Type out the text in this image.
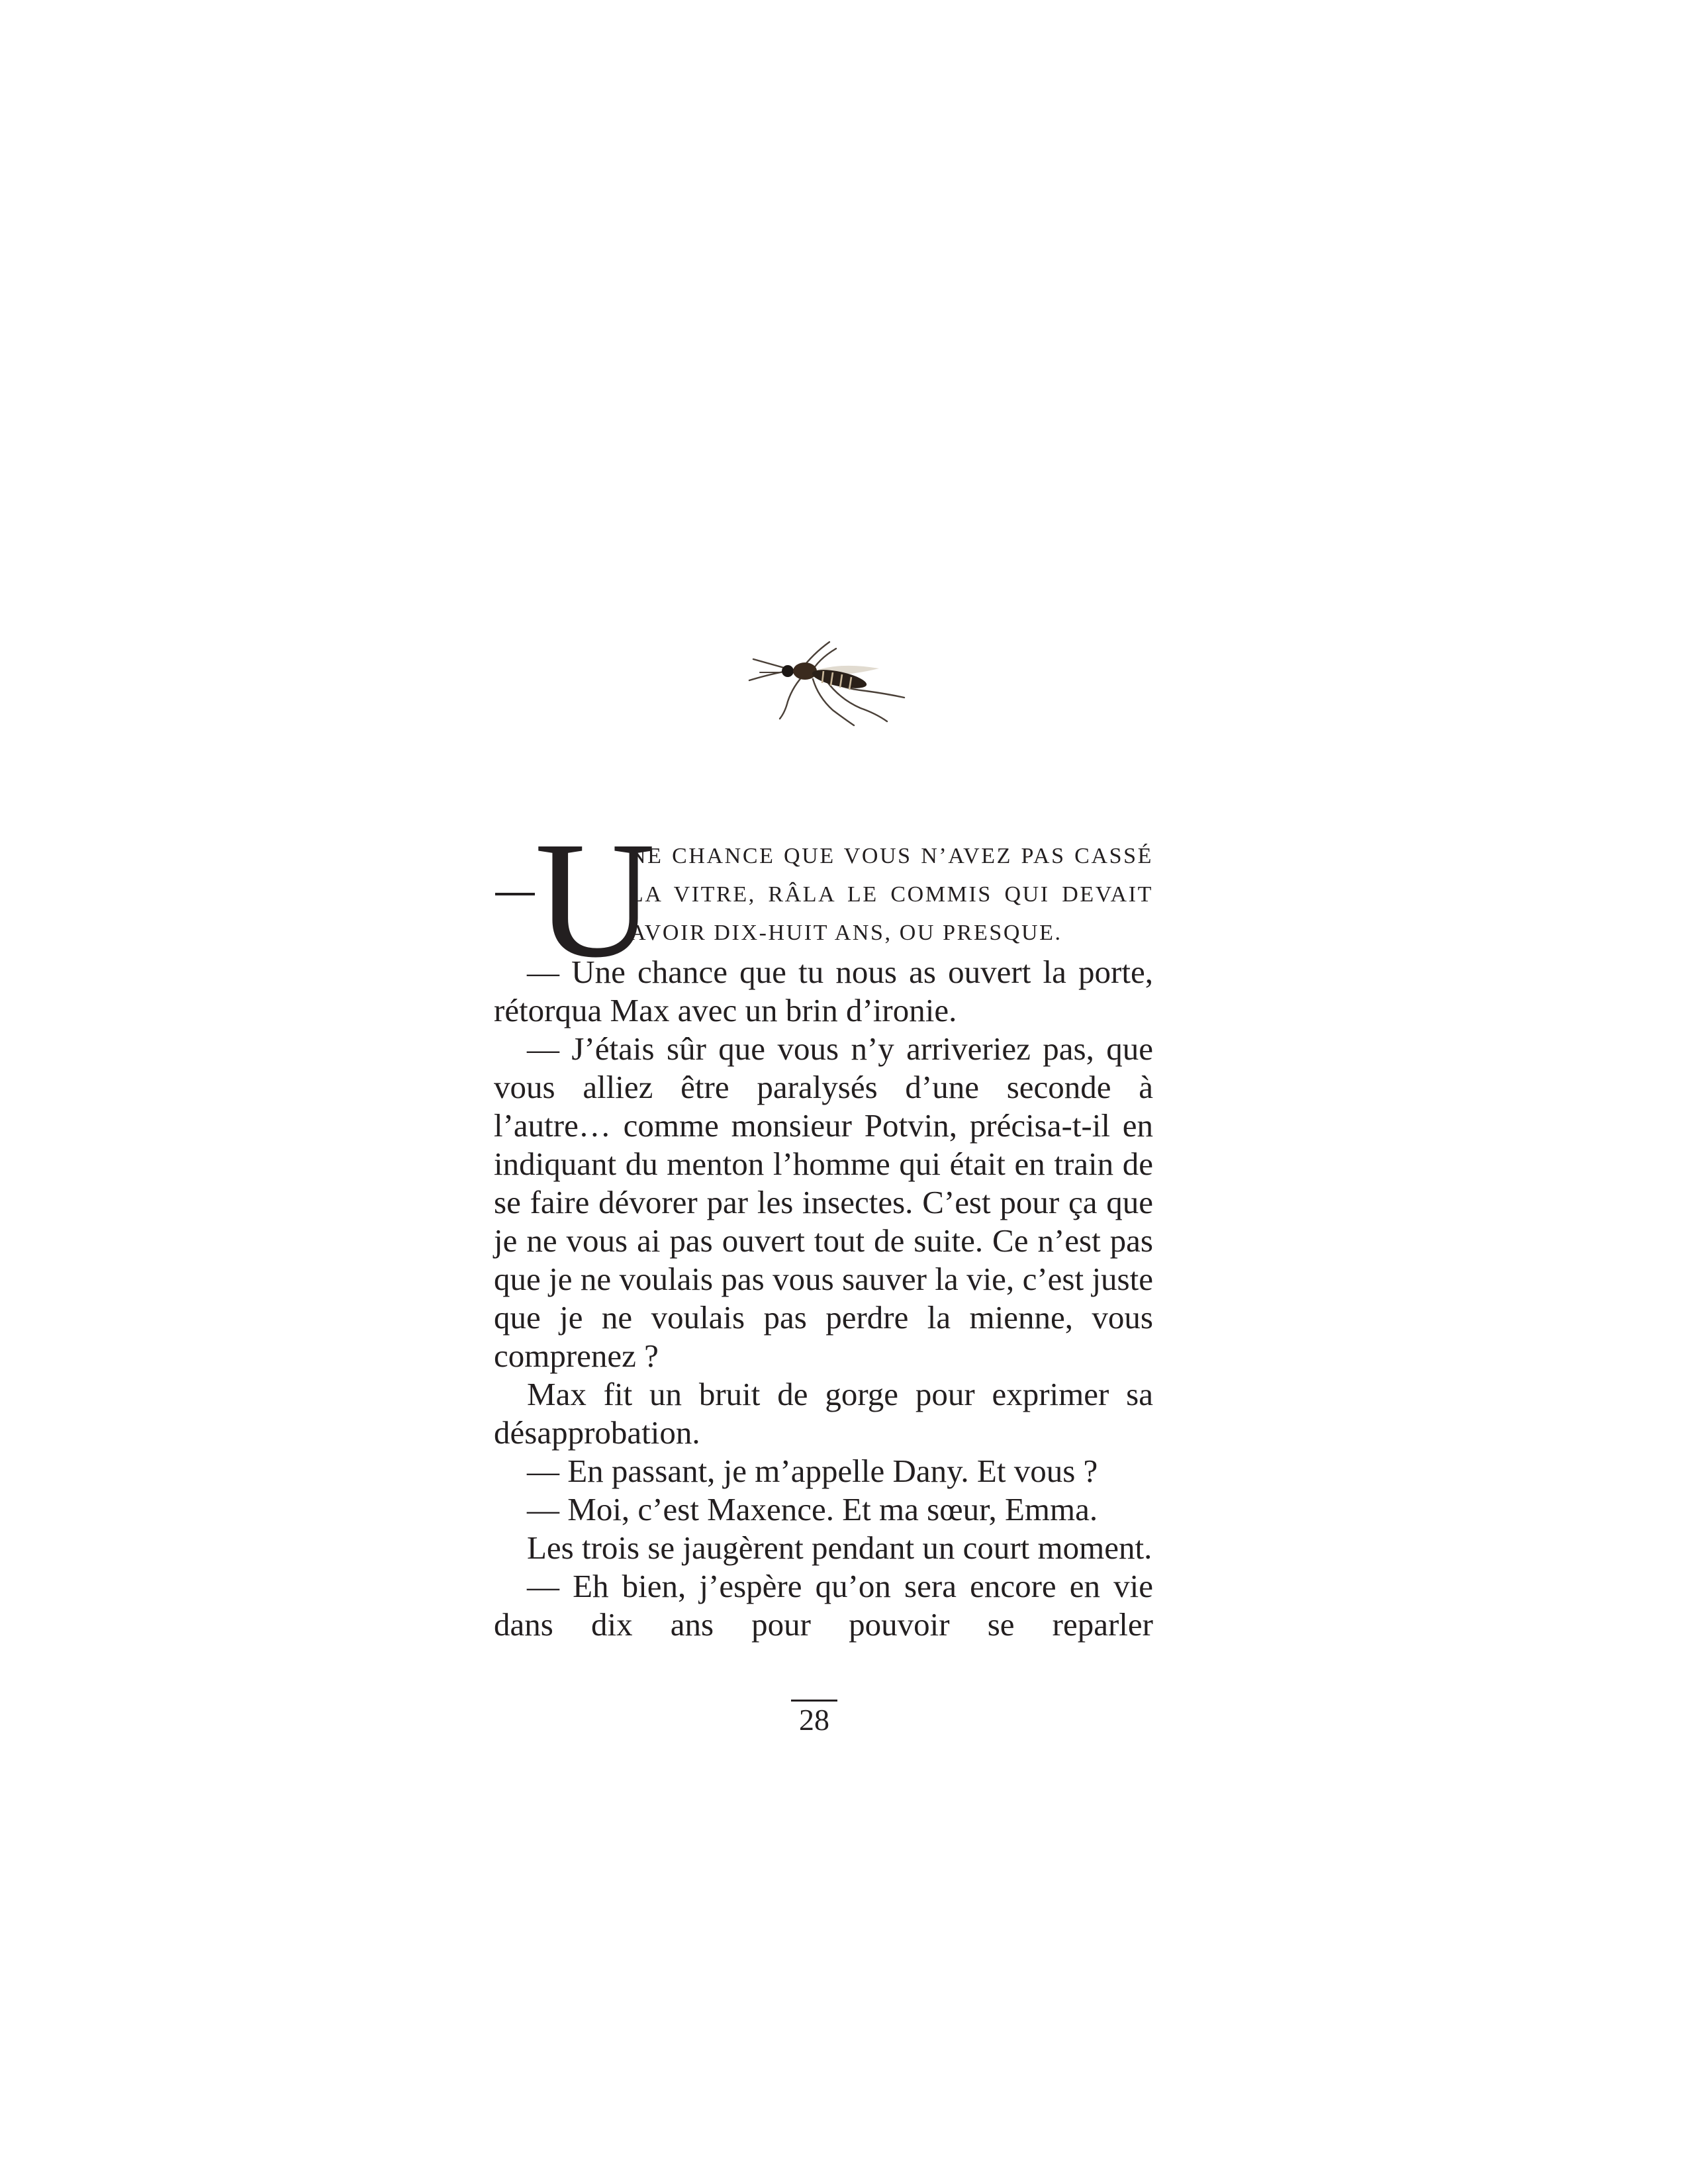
U
NE CHANCE QUE VOUS N’AVEZ PAS CASSÉ
LA VITRE, RÂLA LE COMMIS QUI DEVAIT
AVOIR DIX-HUIT ANS, OU PRESQUE.

— Une chance que tu nous as ouvert la porte, rétorqua Max avec un brin d’ironie.

— J’étais sûr que vous n’y arriveriez pas, que vous alliez être paralysés d’une seconde à l’autre… comme monsieur Potvin, précisa-t-il en indiquant du menton l’homme qui était en train de se faire dévorer par les insectes. C’est pour ça que je ne vous ai pas ouvert tout de suite. Ce n’est pas que je ne voulais pas vous sauver la vie, c’est juste que je ne voulais pas perdre la mienne, vous comprenez ?

Max fit un bruit de gorge pour exprimer sa désapprobation.

— En passant, je m’appelle Dany. Et vous ?

— Moi, c’est Maxence. Et ma sœur, Emma.

Les trois se jaugèrent pendant un court moment.

— Eh bien, j’espère qu’on sera encore en vie dans dix ans pour pouvoir se reparler

28
